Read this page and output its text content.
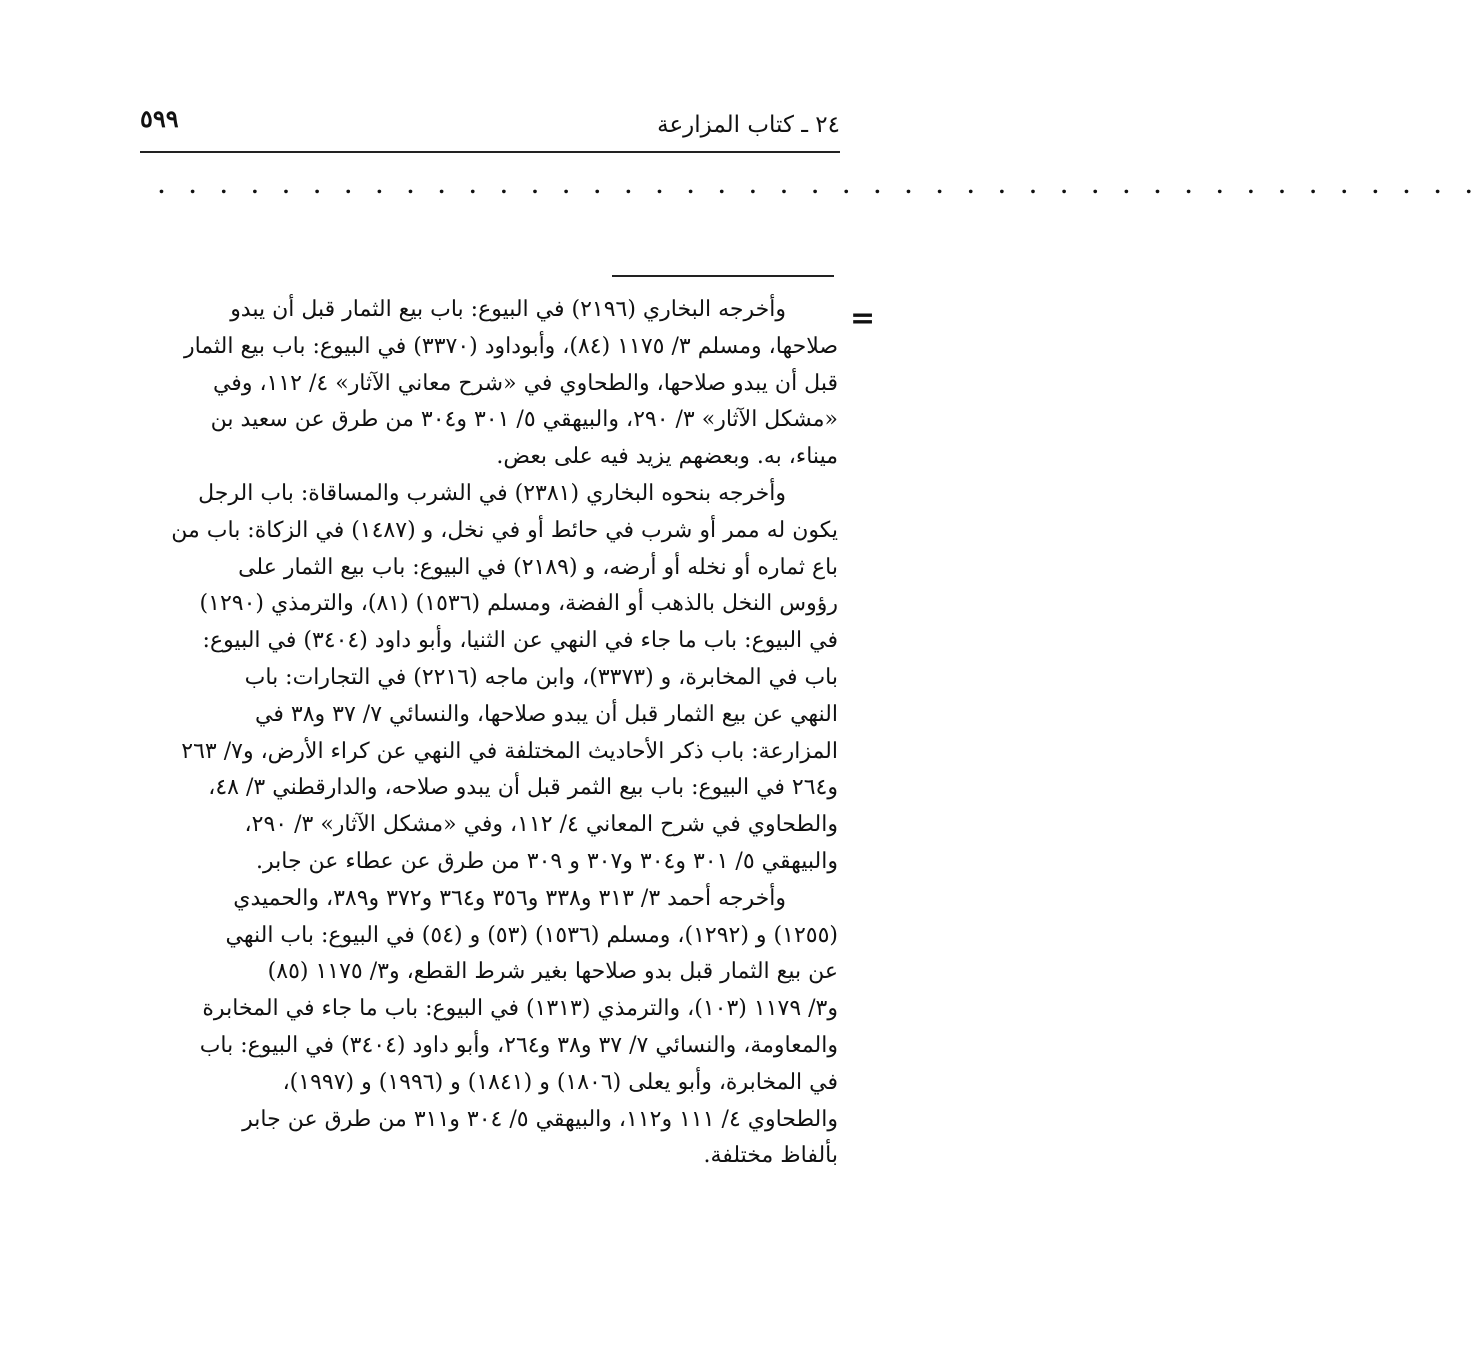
٥٩٩	٢٤ ـ كتاب المزارعة
. . . . . . . . . . . . . . . . . . . . . . . . . . . . . . . . . . . . . . . . . . .
=
وأخرجه البخاري (٢١٩٦) في البيوع: باب بيع الثمار قبل أن يبدو
صلاحها، ومسلم ٣/ ١١٧٥ (٨٤)، وأبوداود (٣٣٧٠) في البيوع: باب بيع الثمار
قبل أن يبدو صلاحها، والطحاوي في «شرح معاني الآثار» ٤/ ١١٢، وفي
«مشكل الآثار» ٣/ ٢٩٠، والبيهقي ٥/ ٣٠١ و٣٠٤ من طرق عن سعيد بن
ميناء، به. وبعضهم يزيد فيه على بعض.
وأخرجه بنحوه البخاري (٢٣٨١) في الشرب والمساقاة: باب الرجل
يكون له ممر أو شرب في حائط أو في نخل، و (١٤٨٧) في الزكاة: باب من
باع ثماره أو نخله أو أرضه، و (٢١٨٩) في البيوع: باب بيع الثمار على
رؤوس النخل بالذهب أو الفضة، ومسلم (١٥٣٦) (٨١)، والترمذي (١٢٩٠)
في البيوع: باب ما جاء في النهي عن الثنيا، وأبو داود (٣٤٠٤) في البيوع:
باب في المخابرة، و (٣٣٧٣)، وابن ماجه (٢٢١٦) في التجارات: باب
النهي عن بيع الثمار قبل أن يبدو صلاحها، والنسائي ٧/ ٣٧ و٣٨ في
المزارعة: باب ذكر الأحاديث المختلفة في النهي عن كراء الأرض، و٧/ ٢٦٣
و٢٦٤ في البيوع: باب بيع الثمر قبل أن يبدو صلاحه، والدارقطني ٣/ ٤٨،
والطحاوي في شرح المعاني ٤/ ١١٢، وفي «مشكل الآثار» ٣/ ٢٩٠،
والبيهقي ٥/ ٣٠١ و٣٠٤ و٣٠٧ و ٣٠٩ من طرق عن عطاء عن جابر.
وأخرجه أحمد ٣/ ٣١٣ و٣٣٨ و٣٥٦ و٣٦٤ و٣٧٢ و٣٨٩، والحميدي
(١٢٥٥) و (١٢٩٢)، ومسلم (١٥٣٦) (٥٣) و (٥٤) في البيوع: باب النهي
عن بيع الثمار قبل بدو صلاحها بغير شرط القطع، و٣/ ١١٧٥ (٨٥)
و٣/ ١١٧٩ (١٠٣)، والترمذي (١٣١٣) في البيوع: باب ما جاء في المخابرة
والمعاومة، والنسائي ٧/ ٣٧ و٣٨ و٢٦٤، وأبو داود (٣٤٠٤) في البيوع: باب
في المخابرة، وأبو يعلى (١٨٠٦) و (١٨٤١) و (١٩٩٦) و (١٩٩٧)،
والطحاوي ٤/ ١١١ و١١٢، والبيهقي ٥/ ٣٠٤ و٣١١ من طرق عن جابر
بألفاظ مختلفة.
